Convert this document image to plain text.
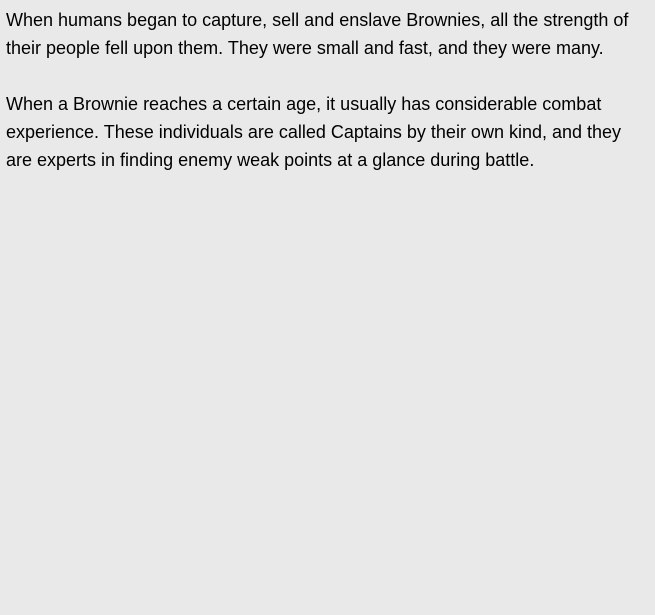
When humans began to capture, sell and enslave Brownies, all the strength of their people fell upon them. They were small and fast, and they were many.

When a Brownie reaches a certain age, it usually has considerable combat experience. These individuals are called Captains by their own kind, and they are experts in finding enemy weak points at a glance during battle.
